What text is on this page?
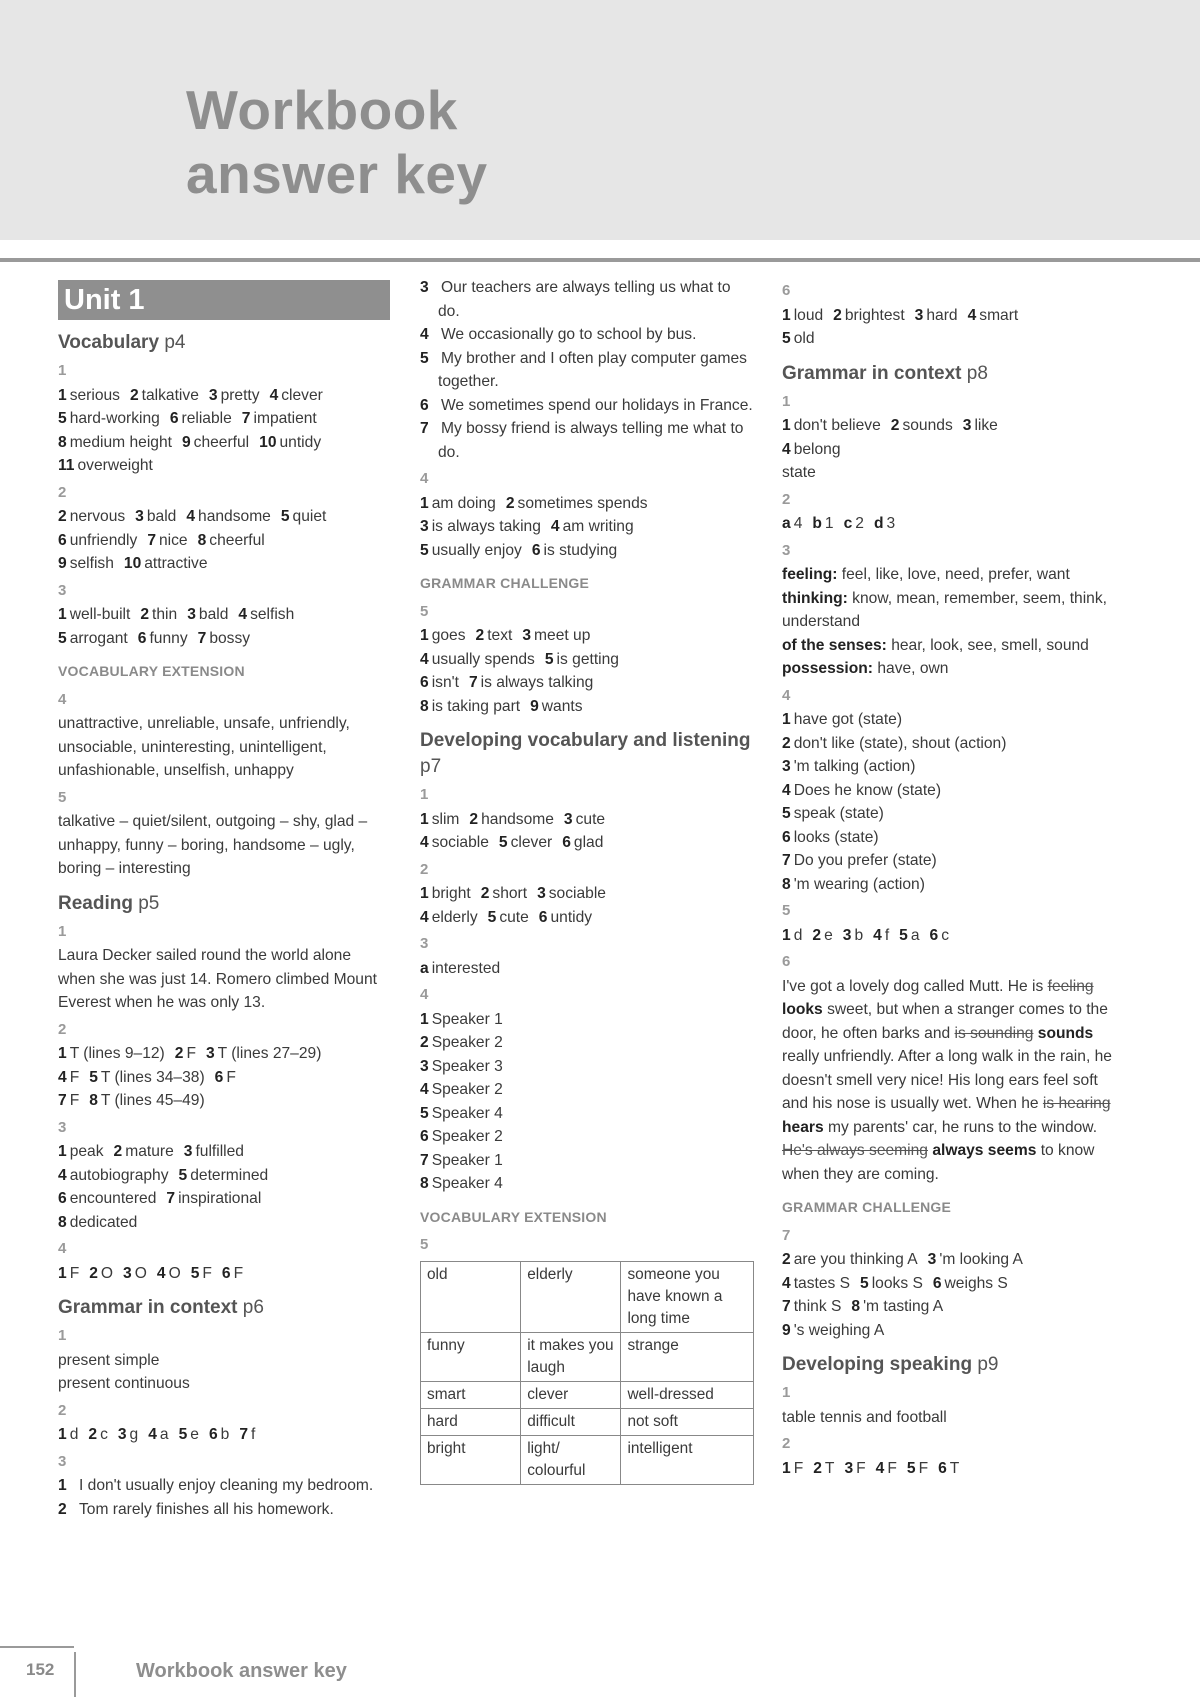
Workbook
answer key
Unit 1
Vocabulary p4
1
1 serious 2 talkative 3 pretty 4 clever
5 hard-working 6 reliable 7 impatient
8 medium height 9 cheerful 10 untidy
11 overweight
2
2 nervous 3 bald 4 handsome 5 quiet
6 unfriendly 7 nice 8 cheerful
9 selfish 10 attractive
3
1 well-built 2 thin 3 bald 4 selfish
5 arrogant 6 funny 7 bossy
VOCABULARY EXTENSION
4
unattractive, unreliable, unsafe, unfriendly, unsociable, uninteresting, unintelligent, unfashionable, unselfish, unhappy
5
talkative – quiet/silent, outgoing – shy, glad – unhappy, funny – boring, handsome – ugly, boring – interesting
Reading p5
1
Laura Decker sailed round the world alone when she was just 14. Romero climbed Mount Everest when he was only 13.
2
1 T (lines 9–12) 2 F 3 T (lines 27–29)
4 F 5 T (lines 34–38) 6 F
7 F 8 T (lines 45–49)
3
1 peak 2 mature 3 fulfilled
4 autobiography 5 determined
6 encountered 7 inspirational
8 dedicated
4
1 F 2 O 3 O 4 O 5 F 6 F
Grammar in context p6
1
present simple
present continuous
2
1 d 2 c 3 g 4 a 5 e 6 b 7 f
3
1 I don't usually enjoy cleaning my bedroom.
2 Tom rarely finishes all his homework.
3 Our teachers are always telling us what to do.
4 We occasionally go to school by bus.
5 My brother and I often play computer games together.
6 We sometimes spend our holidays in France.
7 My bossy friend is always telling me what to do.
4
1 am doing 2 sometimes spends
3 is always taking 4 am writing
5 usually enjoy 6 is studying
GRAMMAR CHALLENGE
5
1 goes 2 text 3 meet up
4 usually spends 5 is getting
6 isn't 7 is always talking
8 is taking part 9 wants
Developing vocabulary and listening p7
1
1 slim 2 handsome 3 cute
4 sociable 5 clever 6 glad
2
1 bright 2 short 3 sociable
4 elderly 5 cute 6 untidy
3
a interested
4
1 Speaker 1
2 Speaker 2
3 Speaker 3
4 Speaker 2
5 Speaker 4
6 Speaker 2
7 Speaker 1
8 Speaker 4
VOCABULARY EXTENSION
5
old	elderly	someone you have known a long time
funny	it makes you laugh	strange
smart	clever	well-dressed
hard	difficult	not soft
bright	light/ colourful	intelligent
6
1 loud 2 brightest 3 hard 4 smart
5 old
Grammar in context p8
1
1 don't believe 2 sounds 3 like
4 belong
state
2
a 4 b 1 c 2 d 3
3
feeling: feel, like, love, need, prefer, want
thinking: know, mean, remember, seem, think, understand
of the senses: hear, look, see, smell, sound
possession: have, own
4
1 have got (state)
2 don't like (state), shout (action)
3 'm talking (action)
4 Does he know (state)
5 speak (state)
6 looks (state)
7 Do you prefer (state)
8 'm wearing (action)
5
1 d 2 e 3 b 4 f 5 a 6 c
6
I've got a lovely dog called Mutt. He is feeling looks sweet, but when a stranger comes to the door, he often barks and is sounding sounds really unfriendly. After a long walk in the rain, he doesn't smell very nice! His long ears feel soft and his nose is usually wet. When he is hearing hears my parents' car, he runs to the window. He's always seeming always seems to know when they are coming.
GRAMMAR CHALLENGE
7
2 are you thinking A 3 'm looking A
4 tastes S 5 looks S 6 weighs S
7 think S 8 'm tasting A
9 's weighing A
Developing speaking p9
1
table tennis and football
2
1 F 2 T 3 F 4 F 5 F 6 T
152	Workbook answer key
